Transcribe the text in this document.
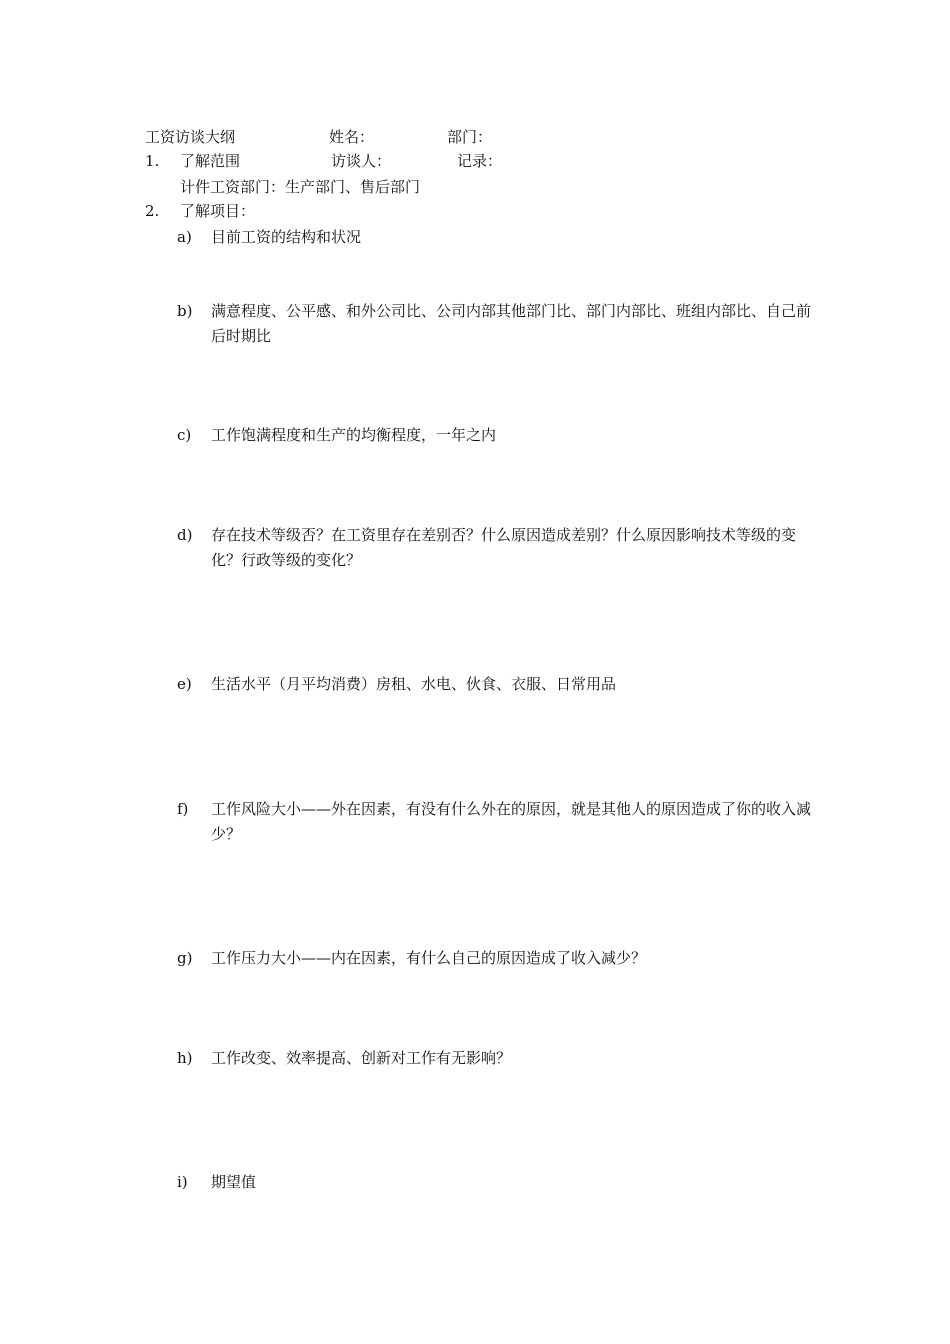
工资访谈大纲	姓名：	部门：
1. 了解范围	访谈人：	记录：
计件工资部门：生产部门、售后部门
2. 了解项目：
a) 目前工资的结构和状况
b) 满意程度、公平感、和外公司比、公司内部其他部门比、部门内部比、班组内部比、自己前后时期比
c) 工作饱满程度和生产的均衡程度，一年之内
d) 存在技术等级否？在工资里存在差别否？什么原因造成差别？什么原因影响技术等级的变化？行政等级的变化？
e) 生活水平（月平均消费）房租、水电、伙食、衣服、日常用品
f) 工作风险大小——外在因素，有没有什么外在的原因，就是其他人的原因造成了你的收入减少？
g) 工作压力大小——内在因素，有什么自己的原因造成了收入减少？
h) 工作改变、效率提高、创新对工作有无影响？
i) 期望值
